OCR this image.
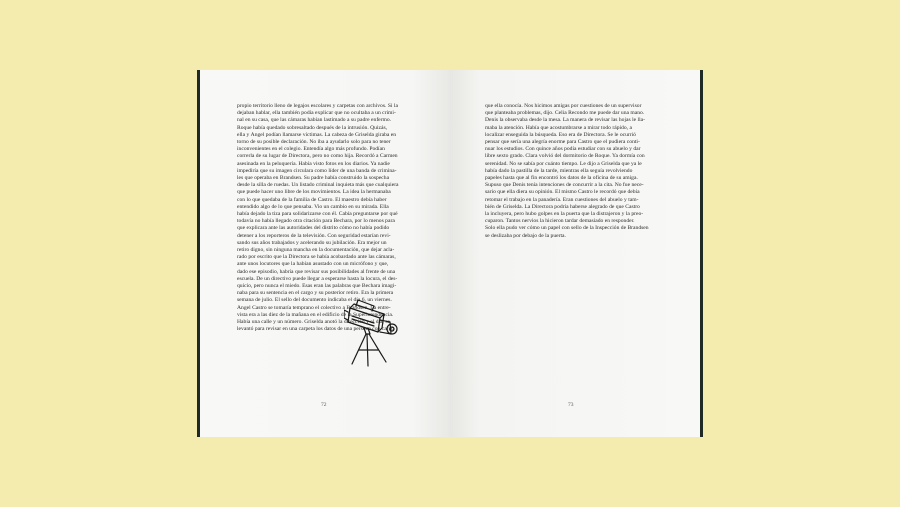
propio territorio lleno de legajos escolares y carpetas con archivos. Si la
dejaban hablar, ella también podía explicar que no ocultaba a un crimi-
nal en su casa, que las cámaras habían lastimado a su padre enfermo.
Roque había quedado sobresaltado después de la intrusión. Quizás,
ella y Ángel podían llamarse víctimas. La cabeza de Griselda giraba en
torno de su posible declaración. No iba a ayudarlo solo para no tener
inconvenientes en el colegio. Entendía algo más profundo. Podían
correrla de su lugar de Directora, pero no como hija. Recordó a Carmen
asesinada en la peluquería. Había visto fotos en los diarios. Ya nadie
impediría que su imagen circulara como líder de una banda de crimina-
les que operaba en Brandsen. Su padre había construido la sospecha
desde la silla de ruedas. Un listado criminal inquieta más que cualquiera
que puede hacer uno libre de los movimientos. La idea la hermanaba
con lo que quedaba de la familia de Castro. El maestro debía haber
entendido algo de lo que pensaba. Vio un cambio en su mirada. Ella
había dejado la tiza para solidarizarse con él. Cabía preguntarse por qué
todavía no había llegado otra citación para Bechara, por lo menos para
que explicara ante las autoridades del distrito cómo no había podido
detener a los reporteros de la televisión. Con seguridad estarían revi-
sando sus años trabajados y acelerando su jubilación. Era mejor un
retiro digno, sin ninguna mancha en la documentación, que dejar acla-
rado por escrito que la Directora se había acobardado ante las cámaras,
ante unos locutores que la habían asustado con un micrófono y que,
dado ese episodio, habría que revisar sus posibilidades al frente de una
escuela. De un directivo puede llegar a esperarse hasta la locura, el des-
quicio, pero nunca el miedo. Esas eran las palabras que Bechara imagi-
naba para su sentencia en el cargo y su posterior retiro. Era la primera
semana de julio. El sello del documento indicaba el día 6, un viernes.
Ángel Castro se tomaría temprano el colectivo a Brandsen. La entre-
vista era a las diez de la mañana en el edificio de la Superintendencia.
Había una calle y un número. Griselda anotó la dirección y el día, se
levantó para revisar en una carpeta los datos de una persona con cargo
72
que ella conocía. Nos hicimos amigas por cuestiones de un supervisor
que planteaba problemas, dijo. Celia Recondo me puede dar una mano.
Denis la observaba desde la mesa. La manera de revisar las hojas le lla-
maba la atención. Había que acostumbrarse a mirar todo rápido, a
localizar enseguida la búsqueda. Eso era de Directora. Se le ocurrió
pensar que sería una alegría enorme para Castro que el pudiera conti-
nuar los estudios. Con quince años podía estudiar con su abuelo y dar
libre sexto grado. Clara volvió del dormitorio de Roque. Ya dormía con
serenidad. No se sabía por cuánto tiempo. Le dijo a Griselda que ya le
había dado la pastilla de la tarde, mientras ella seguía revolviendo
papeles hasta que al fin encontró los datos de la oficina de su amiga.
Supuso que Denis tenía intenciones de concurrir a la cita. No fue nece-
sario que ella diera su opinión. El mismo Castro le recordó que debía
retomar el trabajo en la panadería. Eran cuestiones del abuelo y tam-
bién de Griselda. La Directora podría haberse alegrado de que Castro
la incluyera, pero hubo golpes en la puerta que la distrajeron y la preo-
cuparon. Tantos nervios la hicieron tardar demasiado en responder.
Solo ella pudo ver cómo un papel con sello de la Inspección de Brandsen
se deslizaba por debajo de la puerta.
73
